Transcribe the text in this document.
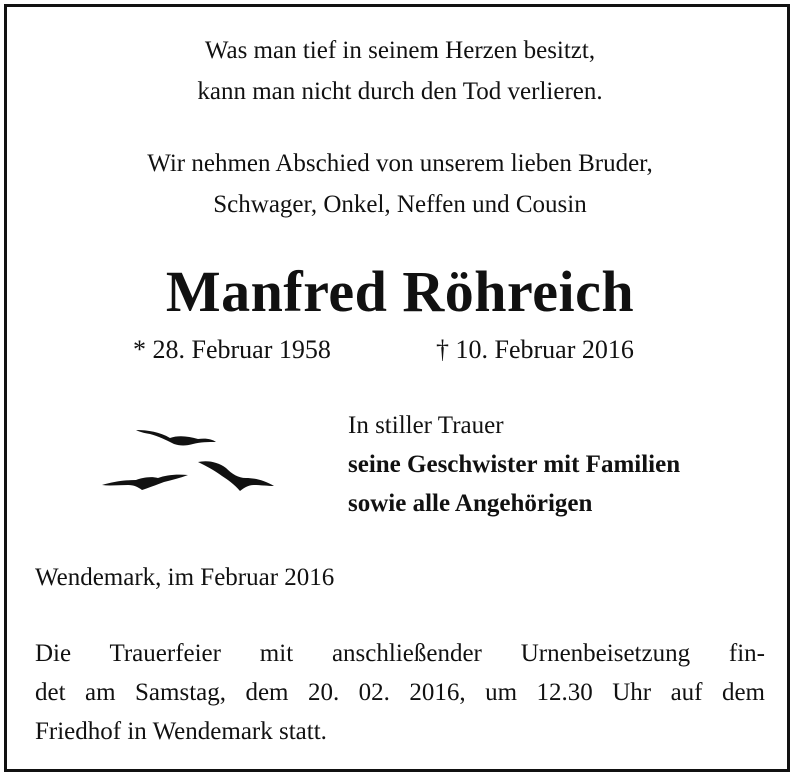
Was man tief in seinem Herzen besitzt,
kann man nicht durch den Tod verlieren.
Wir nehmen Abschied von unserem lieben Bruder,
Schwager, Onkel, Neffen und Cousin
Manfred Röhreich
* 28. Februar 1958	† 10. Februar 2016
In stiller Trauer
seine Geschwister mit Familien
sowie alle Angehörigen
Wendemark, im Februar 2016
Die Trauerfeier mit anschließender Urnenbeisetzung fin-
det am Samstag, dem 20. 02. 2016, um 12.30 Uhr auf dem
Friedhof in Wendemark statt.
